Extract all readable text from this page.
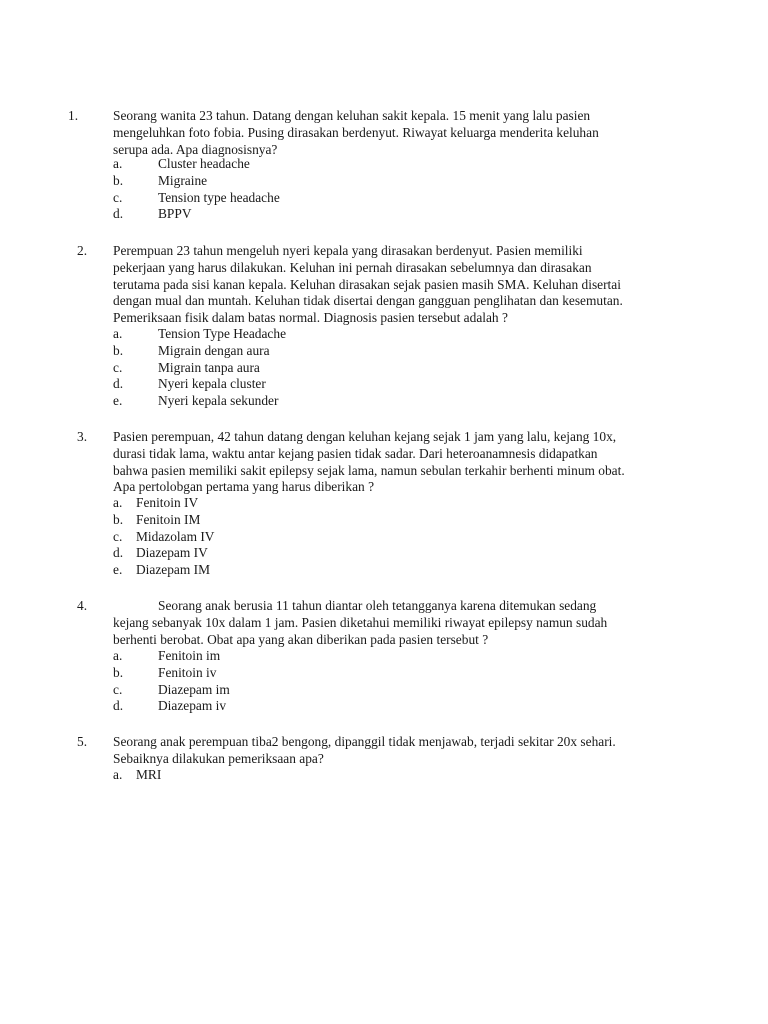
1.	Seorang wanita 23 tahun. Datang dengan keluhan sakit kepala. 15 menit yang lalu pasien
mengeluhkan foto fobia. Pusing dirasakan berdenyut. Riwayat keluarga menderita keluhan
serupa ada. Apa diagnosisnya?
a.	Cluster headache
b.	Migraine
c.	Tension type headache
d.	BPPV
2. Perempuan 23 tahun mengeluh nyeri kepala yang dirasakan berdenyut. Pasien memiliki
pekerjaan yang harus dilakukan. Keluhan ini pernah dirasakan sebelumnya dan dirasakan
terutama pada sisi kanan kepala. Keluhan dirasakan sejak pasien masih SMA. Keluhan disertai
dengan mual dan muntah. Keluhan tidak disertai dengan gangguan penglihatan dan kesemutan.
Pemeriksaan fisik dalam batas normal. Diagnosis pasien tersebut adalah ?
a.	Tension Type Headache
b.	Migrain dengan aura
c.	Migrain tanpa aura
d.	Nyeri kepala cluster
e.	Nyeri kepala sekunder
3. Pasien perempuan, 42 tahun datang dengan keluhan kejang sejak 1 jam yang lalu, kejang 10x,
durasi tidak lama, waktu antar kejang pasien tidak sadar. Dari heteroanamnesis didapatkan
bahwa pasien memiliki sakit epilepsy sejak lama, namun sebulan terkahir berhenti minum obat.
Apa pertolobgan pertama yang harus diberikan ?
a. Fenitoin IV
b. Fenitoin IM
c. Midazolam IV
d. Diazepam IV
e. Diazepam IM
4.	Seorang anak berusia 11 tahun diantar oleh tetangganya karena ditemukan sedang
kejang sebanyak 10x dalam 1 jam. Pasien diketahui memiliki riwayat epilepsy namun sudah
berhenti berobat. Obat apa yang akan diberikan pada pasien tersebut ?
a.	Fenitoin im
b.	Fenitoin iv
c.	Diazepam im
d.	Diazepam iv
5. Seorang anak perempuan tiba2 bengong, dipanggil tidak menjawab, terjadi sekitar 20x sehari.
Sebaiknya dilakukan pemeriksaan apa?
a. MRI
